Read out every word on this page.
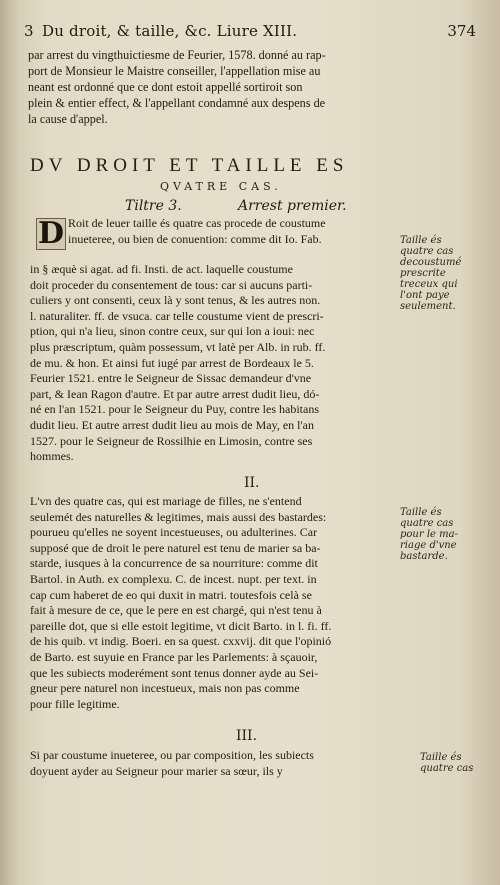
3 Du droit, & taille, &c. Liure XIII.	374
par arrest du vingthuictiesme de Feurier, 1578. donné au rap-
port de Monsieur le Maistre conseiller, l'appellation mise au
neant est ordonné que ce dont estoit appellé sortiroit son
plein & entier effect, & l'appellant condamné aux despens de
la cause d'appel.
DV DROIT ET TAILLE ES
QVATRE CAS.
Tiltre 3.	Arrest premier.
D Roit de leuer taille és quatre cas procede de coustume
inueteree, ou bien de conuention: comme dit Io. Fab.
in § æquè si agat. ad fi. Insti. de act. laquelle coustume
doit proceder du consentement de tous: car si aucuns parti-
culiers y ont consenti, ceux là y sont tenus, & les autres non.
l. naturaliter. ff. de vsuca. car telle coustume vient de prescri-
ption, qui n'a lieu, sinon contre ceux, sur qui lon a ioui: nec
plus præscriptum, quàm possessum, vt latè per Alb. in rub. ff.
de mu. & hon. Et ainsi fut iugé par arrest de Bordeaux le 5.
Feurier 1521. entre le Seigneur de Sissac demandeur d'vne
part, & Iean Ragon d'autre. Et par autre arrest dudit lieu, dó-
né en l'an 1521. pour le Seigneur du Puy, contre les habitans
dudit lieu. Et autre arrest dudit lieu au mois de May, en l'an
1527. pour le Seigneur de Rossilhie en Limosin, contre ses
hommes.
Taille és
quatre cas
decoustumé
prescrite
treceux qui
l'ont paye
seulement.
II.
L'vn des quatre cas, qui est mariage de filles, ne s'entend
seulemét des naturelles & legitimes, mais aussi des bastardes:
pourueu qu'elles ne soyent incestueuses, ou adulterines. Car
supposé que de droit le pere naturel est tenu de marier sa ba-
starde, iusques à la concurrence de sa nourriture: comme dit
Bartol. in Auth. ex complexu. C. de incest. nupt. per text. in
cap cum haberet de eo qui duxit in matri. toutesfois celà se
fait à mesure de ce, que le pere en est chargé, qui n'est tenu à
pareille dot, que si elle estoit legitime, vt dicit Barto. in l. fi. ff.
de his quib. vt indig. Boeri. en sa quest. cxxvij. dit que l'opinió
de Barto. est suyuie en France par les Parlements: à sçauoir,
que les subiects moderément sont tenus donner ayde au Sei-
gneur pere naturel non incestueux, mais non pas comme
pour fille legitime.
Taille és
quatre cas
pour le ma-
riage d'vne
bastarde.
III.
Si par coustume inueteree, ou par composition, les subiects
doyuent ayder au Seigneur pour marier sa sœur, ils y
Taille és
quatre cas
